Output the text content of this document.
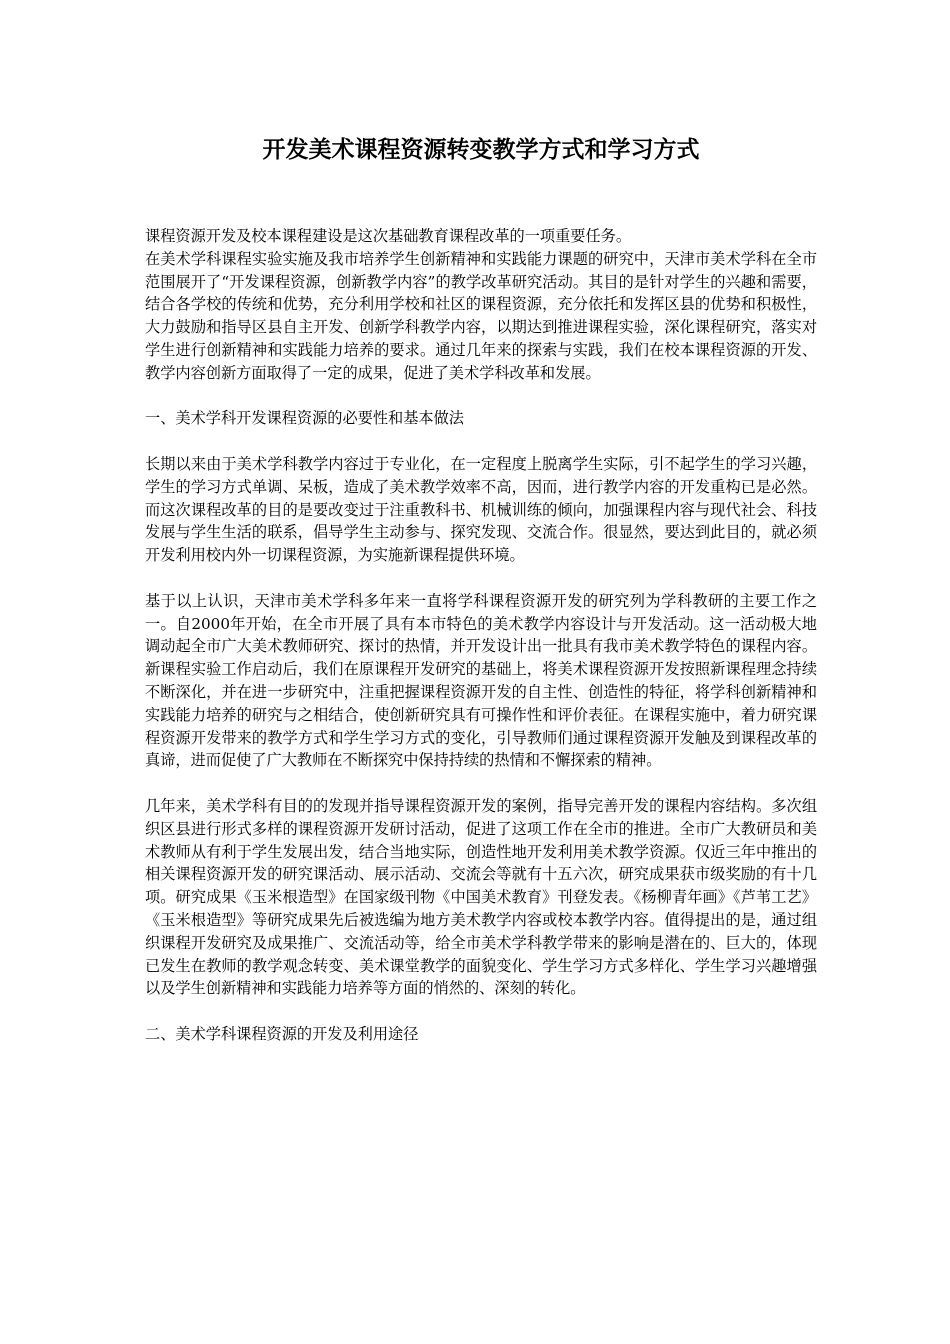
开发美术课程资源转变教学方式和学习方式

课程资源开发及校本课程建设是这次基础教育课程改革的一项重要任务。

在美术学科课程实验实施及我市培养学生创新精神和实践能力课题的研究中，天津市美术学科在全市范围展开了“开发课程资源，创新教学内容”的教学改革研究活动。其目的是针对学生的兴趣和需要，结合各学校的传统和优势，充分利用学校和社区的课程资源，充分依托和发挥区县的优势和积极性，大力鼓励和指导区县自主开发、创新学科教学内容，以期达到推进课程实验，深化课程研究，落实对学生进行创新精神和实践能力培养的要求。通过几年来的探索与实践，我们在校本课程资源的开发、教学内容创新方面取得了一定的成果，促进了美术学科改革和发展。

一、美术学科开发课程资源的必要性和基本做法

长期以来由于美术学科教学内容过于专业化，在一定程度上脱离学生实际，引不起学生的学习兴趣，学生的学习方式单调、呆板，造成了美术教学效率不高，因而，进行教学内容的开发重构已是必然。而这次课程改革的目的是要改变过于注重教科书、机械训练的倾向，加强课程内容与现代社会、科技发展与学生生活的联系，倡导学生主动参与、探究发现、交流合作。很显然，要达到此目的，就必须开发利用校内外一切课程资源，为实施新课程提供环境。

基于以上认识，天津市美术学科多年来一直将学科课程资源开发的研究列为学科教研的主要工作之一。自2000年开始，在全市开展了具有本市特色的美术教学内容设计与开发活动。这一活动极大地调动起全市广大美术教师研究、探讨的热情，并开发设计出一批具有我市美术教学特色的课程内容。新课程实验工作启动后，我们在原课程开发研究的基础上，将美术课程资源开发按照新课程理念持续不断深化，并在进一步研究中，注重把握课程资源开发的自主性、创造性的特征，将学科创新精神和实践能力培养的研究与之相结合，使创新研究具有可操作性和评价表征。在课程实施中，着力研究课程资源开发带来的教学方式和学生学习方式的变化，引导教师们通过课程资源开发触及到课程改革的真谛，进而促使了广大教师在不断探究中保持持续的热情和不懈探索的精神。

几年来，美术学科有目的的发现并指导课程资源开发的案例，指导完善开发的课程内容结构。多次组织区县进行形式多样的课程资源开发研讨活动，促进了这项工作在全市的推进。全市广大教研员和美术教师从有利于学生发展出发，结合当地实际，创造性地开发利用美术教学资源。仅近三年中推出的相关课程资源开发的研究课活动、展示活动、交流会等就有十五六次，研究成果获市级奖励的有十几项。研究成果《玉米根造型》在国家级刊物《中国美术教育》刊登发表。《杨柳青年画》《芦苇工艺》《玉米根造型》等研究成果先后被选编为地方美术教学内容或校本教学内容。值得提出的是，通过组织课程开发研究及成果推广、交流活动等，给全市美术学科教学带来的影响是潜在的、巨大的，体现已发生在教师的教学观念转变、美术课堂教学的面貌变化、学生学习方式多样化、学生学习兴趣增强以及学生创新精神和实践能力培养等方面的悄然的、深刻的转化。

二、美术学科课程资源的开发及利用途径
